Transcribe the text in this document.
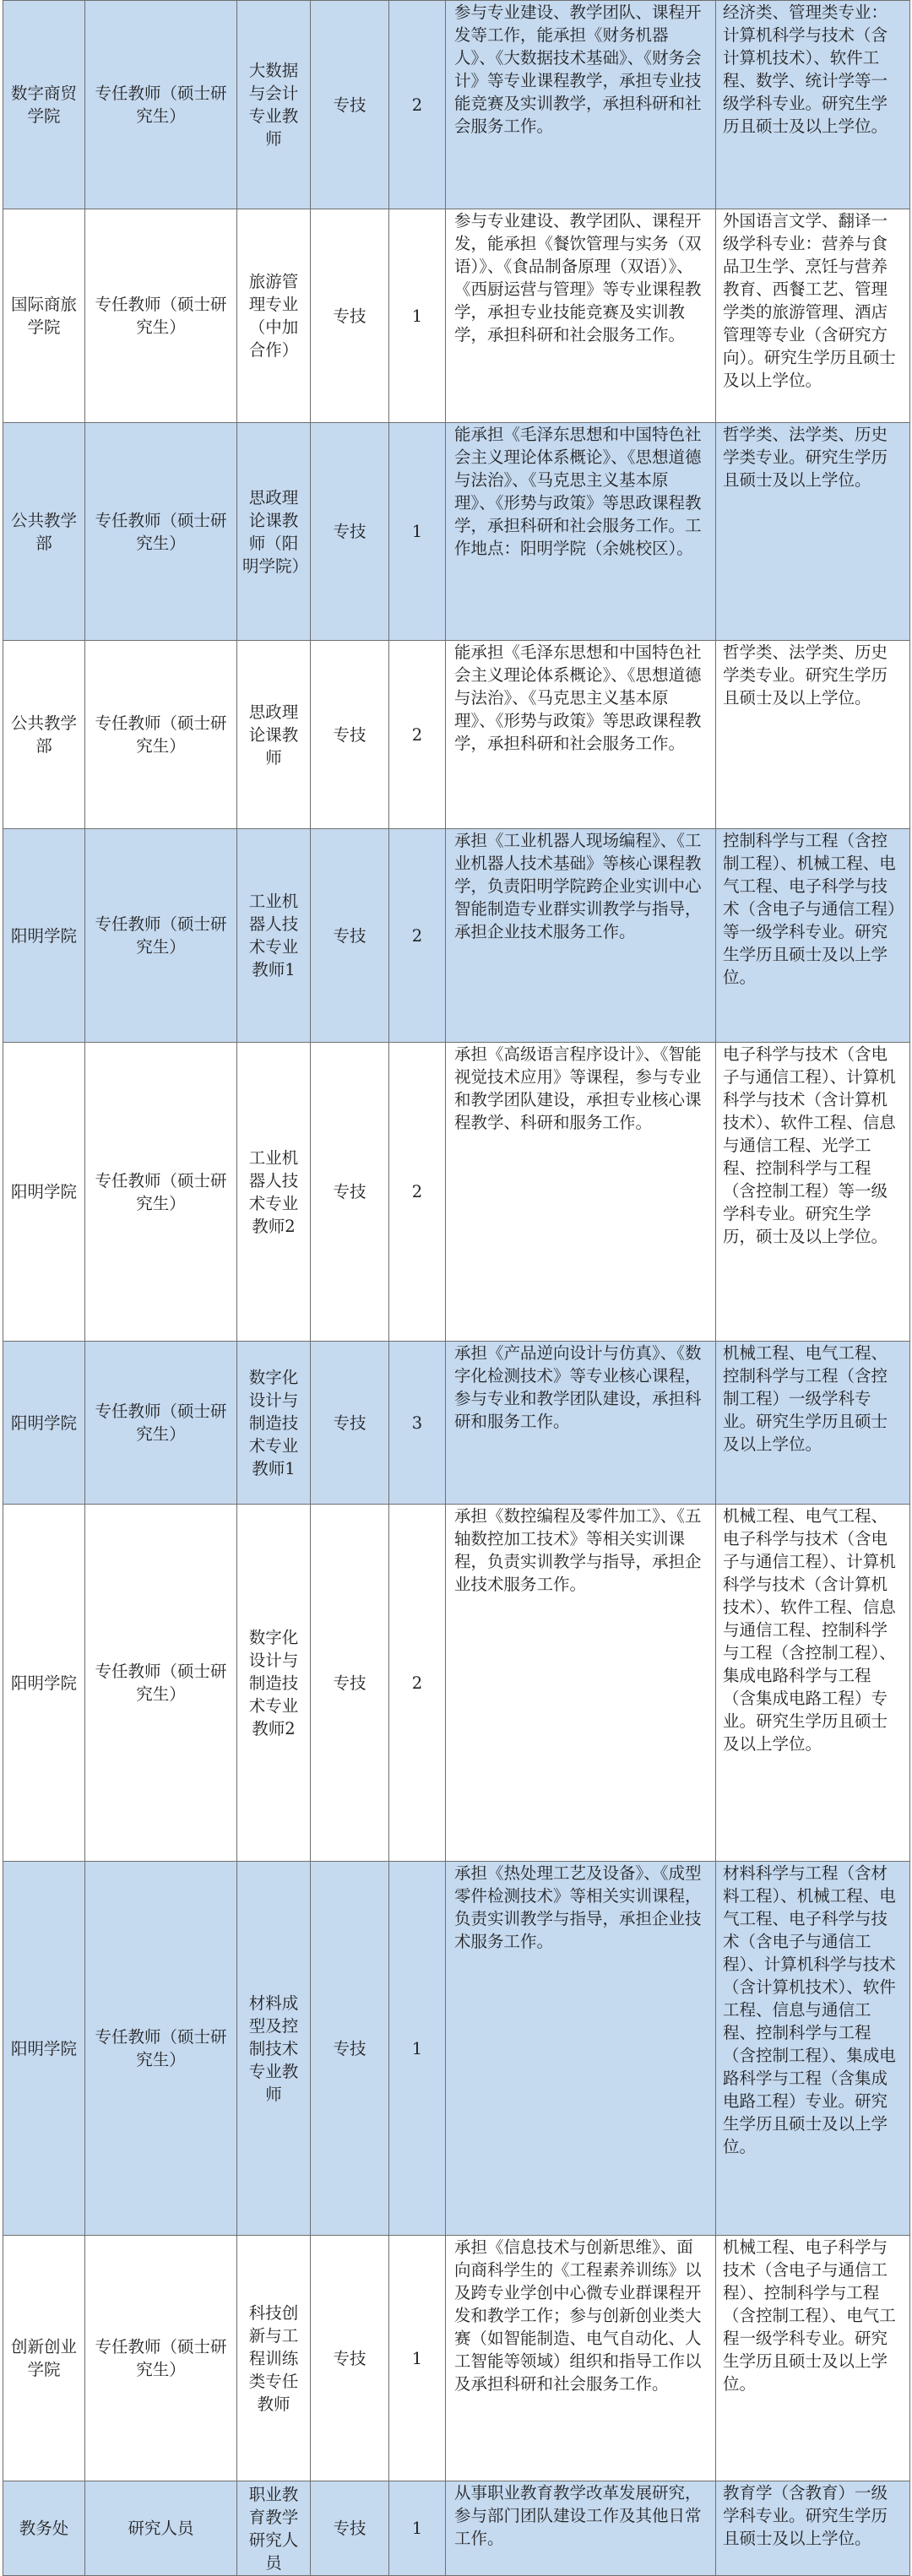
数字商贸学院	专任教师（硕士研究生）	大数据与会计专业教师	专技	2	参与专业建设、教学团队、课程开发等工作，能承担《财务机器人》、《大数据技术基础》、《财务会计》等专业课程教学，承担专业技能竞赛及实训教学，承担科研和社会服务工作。	经济类、管理类专业：计算机科学与技术（含计算机技术）、软件工程、数学、统计学等一级学科专业。研究生学历且硕士及以上学位。

国际商旅学院	专任教师（硕士研究生）	旅游管理专业（中加合作）	专技	1	参与专业建设、教学团队、课程开发，能承担《餐饮管理与实务（双语）》、《食品制备原理（双语）》、《西厨运营与管理》等专业课程教学，承担专业技能竞赛及实训教学，承担科研和社会服务工作。	外国语言文学、翻译一级学科专业：营养与食品卫生学、烹饪与营养教育、西餐工艺、管理学类的旅游管理、酒店管理等专业（含研究方向）。研究生学历且硕士及以上学位。

公共教学部	专任教师（硕士研究生）	思政理论课教师（阳明学院）	专技	1	能承担《毛泽东思想和中国特色社会主义理论体系概论》、《思想道德与法治》、《马克思主义基本原理》、《形势与政策》等思政课程教学，承担科研和社会服务工作。工作地点：阳明学院（余姚校区）。	哲学类、法学类、历史学类专业。研究生学历且硕士及以上学位。

公共教学部	专任教师（硕士研究生）	思政理论课教师	专技	2	能承担《毛泽东思想和中国特色社会主义理论体系概论》、《思想道德与法治》、《马克思主义基本原理》、《形势与政策》等思政课程教学，承担科研和社会服务工作。	哲学类、法学类、历史学类专业。研究生学历且硕士及以上学位。

阳明学院	专任教师（硕士研究生）	工业机器人技术专业教师1	专技	2	承担《工业机器人现场编程》、《工业机器人技术基础》等核心课程教学，负责阳明学院跨企业实训中心智能制造专业群实训教学与指导，承担企业技术服务工作。	控制科学与工程（含控制工程）、机械工程、电气工程、电子科学与技术（含电子与通信工程）等一级学科专业。研究生学历且硕士及以上学位。

阳明学院	专任教师（硕士研究生）	工业机器人技术专业教师2	专技	2	承担《高级语言程序设计》、《智能视觉技术应用》等课程，参与专业和教学团队建设，承担专业核心课程教学、科研和服务工作。	电子科学与技术（含电子与通信工程）、计算机科学与技术（含计算机技术）、软件工程、信息与通信工程、光学工程、控制科学与工程（含控制工程）等一级学科专业。研究生学历，硕士及以上学位。

阳明学院	专任教师（硕士研究生）	数字化设计与制造技术专业教师1	专技	3	承担《产品逆向设计与仿真》、《数字化检测技术》等专业核心课程，参与专业和教学团队建设，承担科研和服务工作。	机械工程、电气工程、控制科学与工程（含控制工程）一级学科专业。研究生学历且硕士及以上学位。

阳明学院	专任教师（硕士研究生）	数字化设计与制造技术专业教师2	专技	2	承担《数控编程及零件加工》、《五轴数控加工技术》等相关实训课程，负责实训教学与指导，承担企业技术服务工作。	机械工程、电气工程、电子科学与技术（含电子与通信工程）、计算机科学与技术（含计算机技术）、软件工程、信息与通信工程、控制科学与工程（含控制工程）、集成电路科学与工程（含集成电路工程）专业。研究生学历且硕士及以上学位。

阳明学院	专任教师（硕士研究生）	材料成型及控制技术专业教师	专技	1	承担《热处理工艺及设备》、《成型零件检测技术》等相关实训课程，负责实训教学与指导，承担企业技术服务工作。	材料科学与工程（含材料工程）、机械工程、电气工程、电子科学与技术（含电子与通信工程）、计算机科学与技术（含计算机技术）、软件工程、信息与通信工程、控制科学与工程（含控制工程）、集成电路科学与工程（含集成电路工程）专业。研究生学历且硕士及以上学位。

创新创业学院	专任教师（硕士研究生）	科技创新与工程训练类专任教师	专技	1	承担《信息技术与创新思维》、面向商科学生的《工程素养训练》以及跨专业学创中心微专业群课程开发和教学工作；参与创新创业类大赛（如智能制造、电气自动化、人工智能等领域）组织和指导工作以及承担科研和社会服务工作。	机械工程、电子科学与技术（含电子与通信工程）、控制科学与工程（含控制工程）、电气工程一级学科专业。研究生学历且硕士及以上学位。

教务处	研究人员	职业教育教学研究人员	专技	1	从事职业教育教学改革发展研究，参与部门团队建设工作及其他日常工作。	教育学（含教育）一级学科专业。研究生学历且硕士及以上学位。
